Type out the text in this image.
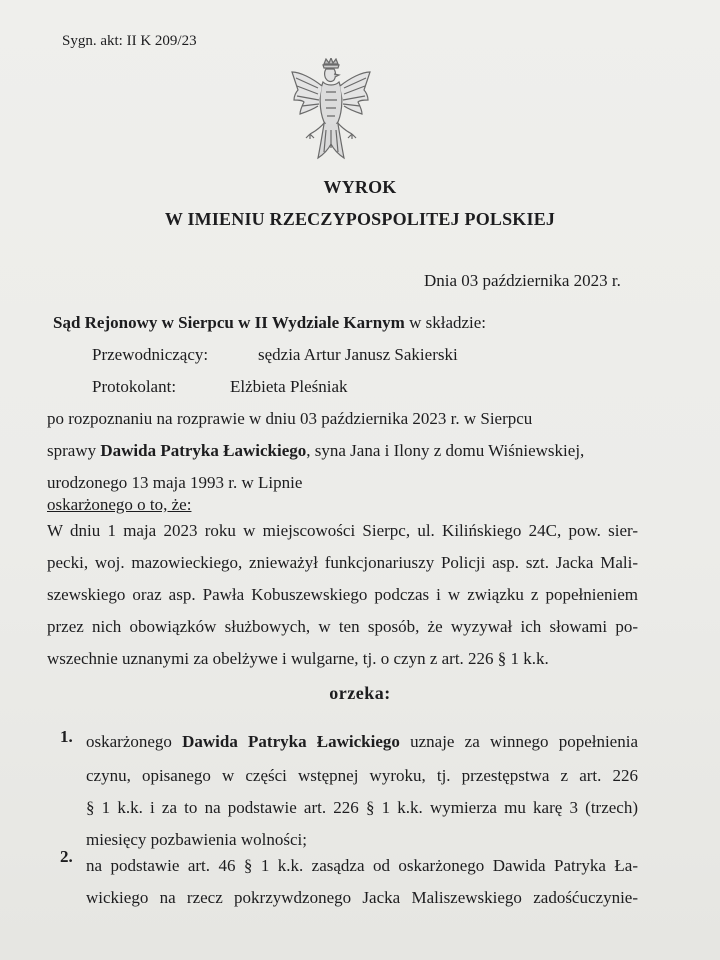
Sygn. akt: II K 209/23
WYROK
W IMIENIU RZECZYPOSPOLITEJ POLSKIEJ
Dnia 03 października 2023 r.
Sąd Rejonowy w Sierpcu w II Wydziale Karnym w składzie:
Przewodniczący:	sędzia Artur Janusz Sakierski
Protokolant:	Elżbieta Pleśniak
po rozpoznaniu na rozprawie w dniu 03 października 2023 r. w Sierpcu
sprawy Dawida Patryka Ławickiego, syna Jana i Ilony z domu Wiśniewskiej,
urodzonego 13 maja 1993 r. w Lipnie
oskarżonego o to, że:
W dniu 1 maja 2023 roku w miejscowości Sierpc, ul. Kilińskiego 24C, pow. sier-
pecki, woj. mazowieckiego, znieważył funkcjonariuszy Policji asp. szt. Jacka Mali-
szewskiego oraz asp. Pawła Kobuszewskiego podczas i w związku z popełnieniem
przez nich obowiązków służbowych, w ten sposób, że wyzywał ich słowami po-
wszechnie uznanymi za obelżywe i wulgarne, tj. o czyn z art. 226 § 1 k.k.
orzeka:
1. oskarżonego Dawida Patryka Ławickiego uznaje za winnego popełnienia
czynu, opisanego w części wstępnej wyroku, tj. przestępstwa z art. 226
§ 1 k.k. i za to na podstawie art. 226 § 1 k.k. wymierza mu karę 3 (trzech)
miesięcy pozbawienia wolności;
2. na podstawie art. 46 § 1 k.k. zasądza od oskarżonego Dawida Patryka Ła-
wickiego na rzecz pokrzywdzonego Jacka Maliszewskiego zadośćuczynie-
